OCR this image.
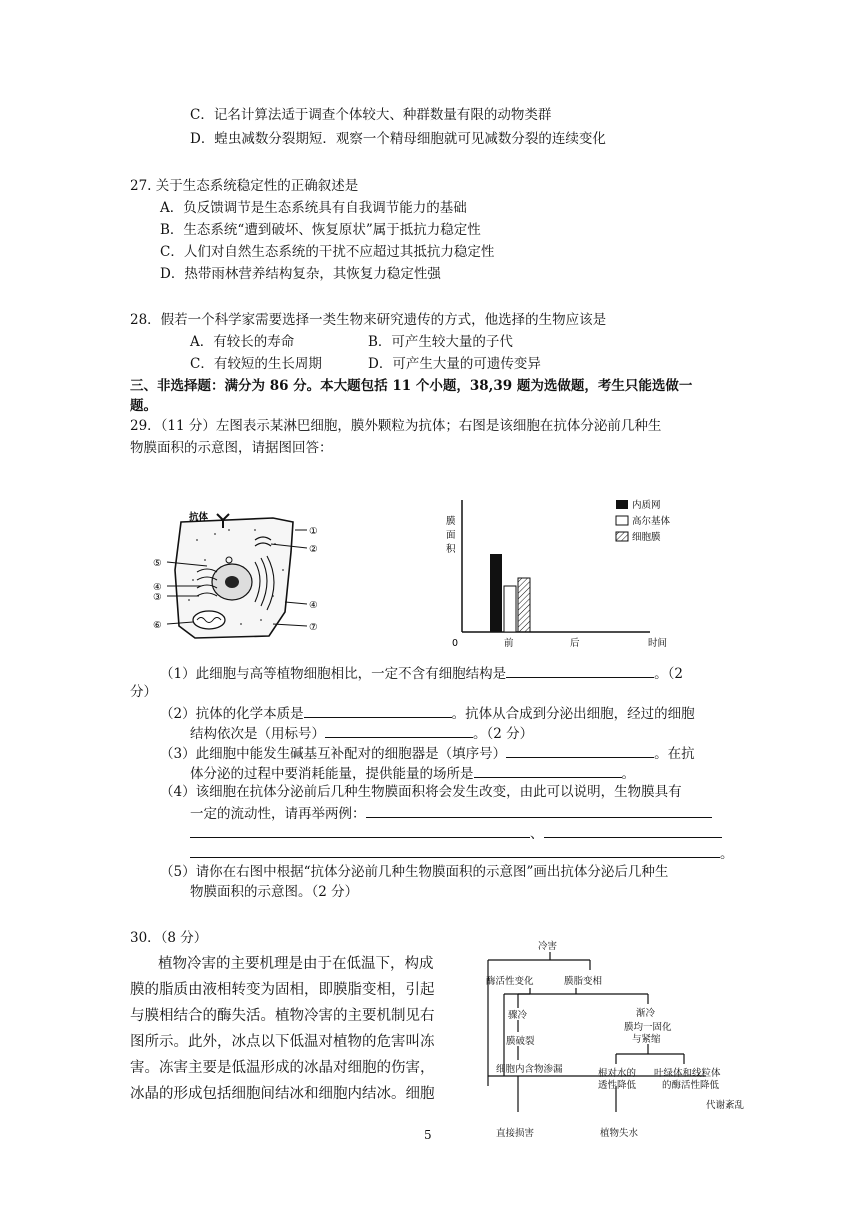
C．记名计算法适于调查个体较大、种群数量有限的动物类群
D．蝗虫减数分裂期短．观察一个精母细胞就可见减数分裂的连续变化
27. 关于生态系统稳定性的正确叙述是
A．负反馈调节是生态系统具有自我调节能力的基础
B．生态系统“遭到破坏、恢复原状”属于抵抗力稳定性
C．人们对自然生态系统的干扰不应超过其抵抗力稳定性
D．热带雨林营养结构复杂，其恢复力稳定性强
28．假若一个科学家需要选择一类生物来研究遗传的方式，他选择的生物应该是
A．有较长的寿命	B．可产生较大量的子代
C．有较短的生长周期	D．可产生大量的可遗传变异
三、非选择题：满分为 86 分。本大题包括 11 个小题，38,39 题为选做题，考生只能选做一
题。
29．（11 分）左图表示某淋巴细胞，膜外颗粒为抗体；右图是该细胞在抗体分泌前几种生
物膜面积的示意图，请据图回答：
抗体
①
②
④
⑦
⑤
④
③
⑥
内质网
高尔基体
细胞膜
膜
面
积
0	前	后	时间
（1）此细胞与高等植物细胞相比，一定不含有细胞结构是	。（2
分）
（2）抗体的化学本质是	。抗体从合成到分泌出细胞，经过的细胞
结构依次是（用标号）	。（2 分）
（3）此细胞中能发生碱基互补配对的细胞器是（填序号）	。在抗
体分泌的过程中要消耗能量，提供能量的场所是	。
（4）该细胞在抗体分泌前后几种生物膜面积将会发生改变，由此可以说明，生物膜具有
一定的流动性，请再举两例：
、
。
（5）请你在右图中根据“抗体分泌前几种生物膜面积的示意图”画出抗体分泌后几种生
物膜面积的示意图。（2 分）
30．（8 分）
植物冷害的主要机理是由于在低温下，构成
膜的脂质由液相转变为固相，即膜脂变相，引起
与膜相结合的酶失活。植物冷害的主要机制见右
图所示。此外，冰点以下低温对植物的危害叫冻
害。冻害主要是低温形成的冰晶对细胞的伤害，
冰晶的形成包括细胞间结冰和细胞内结冰。细胞
冷害
酶活性变化	膜脂变相
骤冷	渐冷
膜均一固化
与紧缩
膜破裂
细胞内含物渗漏	根对水的
透性降低
叶绿体和线粒体
的酶活性降低
代谢紊乱
直接损害	植物失水
5
